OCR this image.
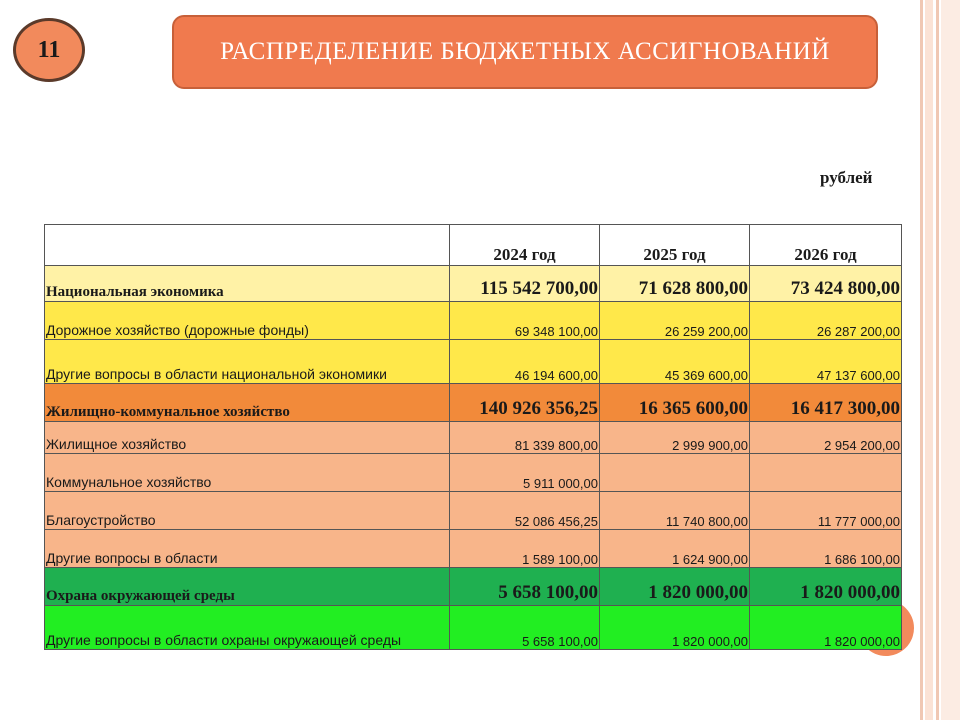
11	РАСПРЕДЕЛЕНИЕ БЮДЖЕТНЫХ АССИГНОВАНИЙ
рублей
	2024 год	2025 год	2026 год
Национальная экономика	115 542 700,00	71 628 800,00	73 424 800,00
Дорожное хозяйство (дорожные фонды)	69 348 100,00	26 259 200,00	26 287 200,00
Другие вопросы в области национальной экономики	46 194 600,00	45 369 600,00	47 137 600,00
Жилищно-коммунальное хозяйство	140 926 356,25	16 365 600,00	16 417 300,00
Жилищное хозяйство	81 339 800,00	2 999 900,00	2 954 200,00
Коммунальное хозяйство	5 911 000,00		
Благоустройство	52 086 456,25	11 740 800,00	11 777 000,00
Другие вопросы в области	1 589 100,00	1 624 900,00	1 686 100,00
Охрана окружающей среды	5 658 100,00	1 820 000,00	1 820 000,00
Другие вопросы в области охраны окружающей среды	5 658 100,00	1 820 000,00	1 820 000,00
